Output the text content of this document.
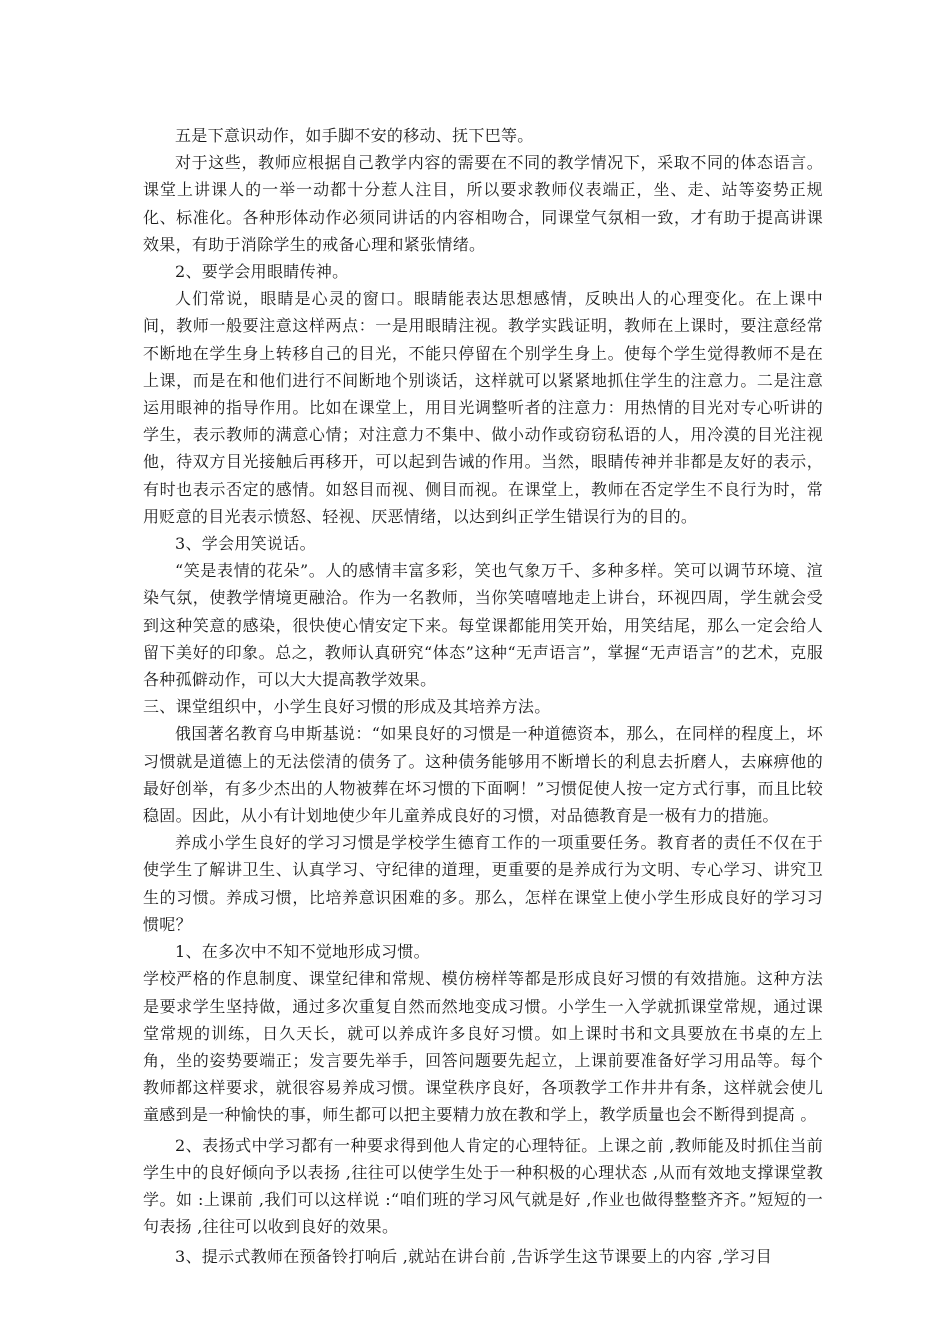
五是下意识动作，如手脚不安的移动、抚下巴等。

对于这些，教师应根据自己教学内容的需要在不同的教学情况下，采取不同的体态语言。课堂上讲课人的一举一动都十分惹人注目，所以要求教师仪表端正，坐、走、站等姿势正规化、标准化。各种形体动作必须同讲话的内容相吻合，同课堂气氛相一致，才有助于提高讲课效果，有助于消除学生的戒备心理和紧张情绪。

2、要学会用眼睛传神。

人们常说，眼睛是心灵的窗口。眼睛能表达思想感情，反映出人的心理变化。在上课中间，教师一般要注意这样两点：一是用眼睛注视。教学实践证明，教师在上课时，要注意经常不断地在学生身上转移自己的目光，不能只停留在个别学生身上。使每个学生觉得教师不是在上课，而是在和他们进行不间断地个别谈话，这样就可以紧紧地抓住学生的注意力。二是注意运用眼神的指导作用。比如在课堂上，用目光调整听者的注意力：用热情的目光对专心听讲的学生，表示教师的满意心情；对注意力不集中、做小动作或窃窃私语的人，用冷漠的目光注视他，待双方目光接触后再移开，可以起到告诫的作用。当然，眼睛传神并非都是友好的表示，有时也表示否定的感情。如怒目而视、侧目而视。在课堂上，教师在否定学生不良行为时，常用贬意的目光表示愤怒、轻视、厌恶情绪，以达到纠正学生错误行为的目的。

3、学会用笑说话。

“笑是表情的花朵”。人的感情丰富多彩，笑也气象万千、多种多样。笑可以调节环境、渲染气氛，使教学情境更融洽。作为一名教师，当你笑嘻嘻地走上讲台，环视四周，学生就会受到这种笑意的感染，很快使心情安定下来。每堂课都能用笑开始，用笑结尾，那么一定会给人留下美好的印象。总之，教师认真研究“体态”这种“无声语言”，掌握“无声语言”的艺术，克服各种孤僻动作，可以大大提高教学效果。

三、课堂组织中，小学生良好习惯的形成及其培养方法。

俄国著名教育乌申斯基说：“如果良好的习惯是一种道德资本，那么，在同样的程度上，坏习惯就是道德上的无法偿清的债务了。这种债务能够用不断增长的利息去折磨人，去麻痹他的最好创举，有多少杰出的人物被葬在坏习惯的下面啊！”习惯促使人按一定方式行事，而且比较稳固。因此，从小有计划地使少年儿童养成良好的习惯，对品德教育是一极有力的措施。

养成小学生良好的学习习惯是学校学生德育工作的一项重要任务。教育者的责任不仅在于使学生了解讲卫生、认真学习、守纪律的道理，更重要的是养成行为文明、专心学习、讲究卫生的习惯。养成习惯，比培养意识困难的多。那么，怎样在课堂上使小学生形成良好的学习习惯呢？

1、在多次中不知不觉地形成习惯。

学校严格的作息制度、课堂纪律和常规、模仿榜样等都是形成良好习惯的有效措施。这种方法是要求学生坚持做，通过多次重复自然而然地变成习惯。小学生一入学就抓课堂常规，通过课堂常规的训练，日久天长，就可以养成许多良好习惯。如上课时书和文具要放在书桌的左上角，坐的姿势要端正；发言要先举手，回答问题要先起立，上课前要准备好学习用品等。每个教师都这样要求，就很容易养成习惯。课堂秩序良好，各项教学工作井井有条，这样就会使儿童感到是一种愉快的事，师生都可以把主要精力放在教和学上，教学质量也会不断得到提高 。

2、表扬式中学习都有一种要求得到他人肯定的心理特征。上课之前 ,教师能及时抓住当前学生中的良好倾向予以表扬 ,往往可以使学生处于一种积极的心理状态 ,从而有效地支撑课堂教学。如 :上课前 ,我们可以这样说 :“咱们班的学习风气就是好 ,作业也做得整整齐齐。”短短的一句表扬 ,往往可以收到良好的效果。

3、提示式教师在预备铃打响后 ,就站在讲台前 ,告诉学生这节课要上的内容 ,学习目
